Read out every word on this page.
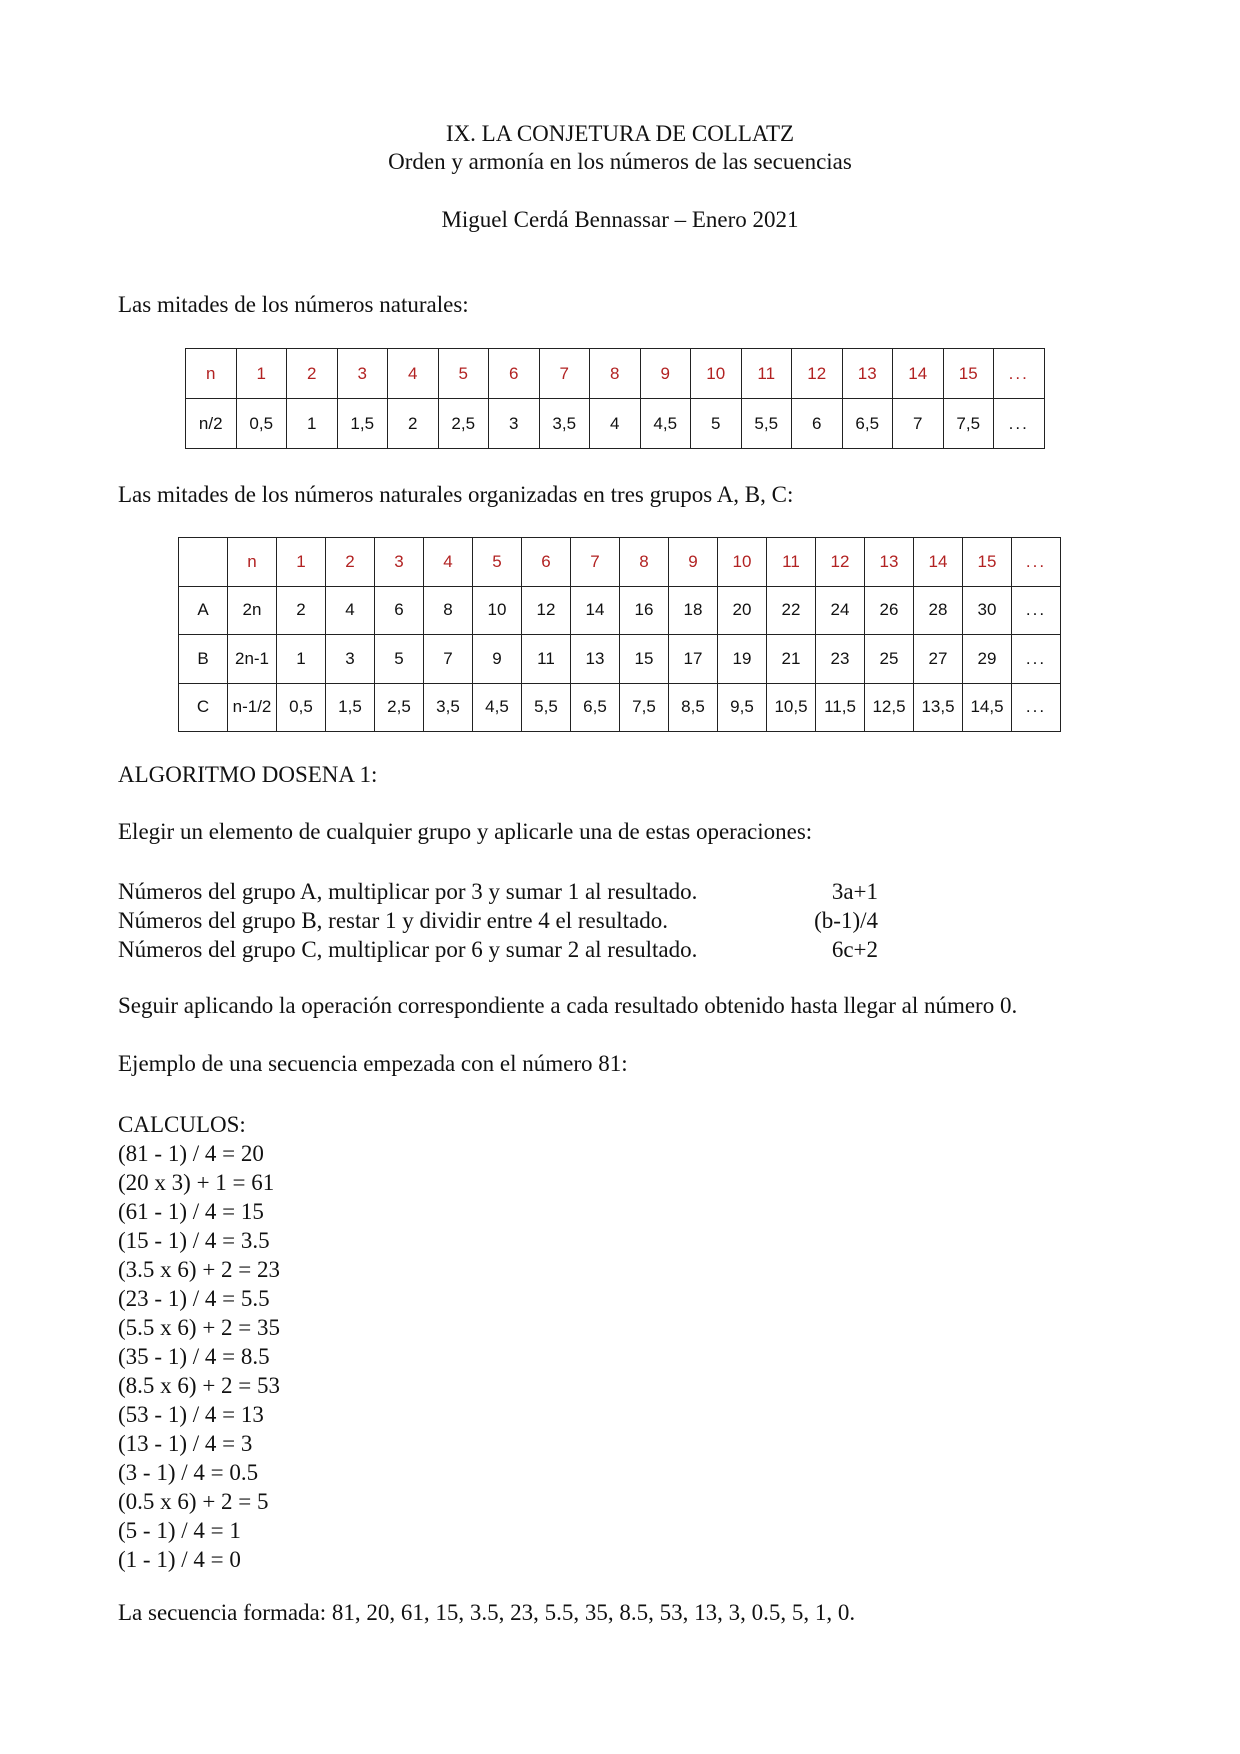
IX. LA CONJETURA DE COLLATZ
Orden y armonía en los números de las secuencias
Miguel Cerdá Bennassar – Enero 2021
Las mitades de los números naturales:
n	1	2	3	4	5	6	7	8	9	10	11	12	13	14	15	...
n/2	0,5	1	1,5	2	2,5	3	3,5	4	4,5	5	5,5	6	6,5	7	7,5	...
Las mitades de los números naturales organizadas en tres grupos A, B, C:
	n	1	2	3	4	5	6	7	8	9	10	11	12	13	14	15	...
A	2n	2	4	6	8	10	12	14	16	18	20	22	24	26	28	30	...
B	2n-1	1	3	5	7	9	11	13	15	17	19	21	23	25	27	29	...
C	n-1/2	0,5	1,5	2,5	3,5	4,5	5,5	6,5	7,5	8,5	9,5	10,5	11,5	12,5	13,5	14,5	...
ALGORITMO DOSENA 1:
Elegir un elemento de cualquier grupo y aplicarle una de estas operaciones:
Números del grupo A, multiplicar por 3 y sumar 1 al resultado.	3a+1
Números del grupo B, restar 1 y dividir entre 4 el resultado.	(b-1)/4
Números del grupo C, multiplicar por 6 y sumar 2 al resultado.	6c+2
Seguir aplicando la operación correspondiente a cada resultado obtenido hasta llegar al número 0.
Ejemplo de una secuencia empezada con el número 81:
CALCULOS:
(81 - 1) / 4 = 20
(20 x 3) + 1 = 61
(61 - 1) / 4 = 15
(15 - 1) / 4 = 3.5
(3.5 x 6) + 2 = 23
(23 - 1) / 4 = 5.5
(5.5 x 6) + 2 = 35
(35 - 1) / 4 = 8.5
(8.5 x 6) + 2 = 53
(53 - 1) / 4 = 13
(13 - 1) / 4 = 3
(3 - 1) / 4 = 0.5
(0.5 x 6) + 2 = 5
(5 - 1) / 4 = 1
(1 - 1) / 4 = 0
La secuencia formada: 81, 20, 61, 15, 3.5, 23, 5.5, 35, 8.5, 53, 13, 3, 0.5, 5, 1, 0.
